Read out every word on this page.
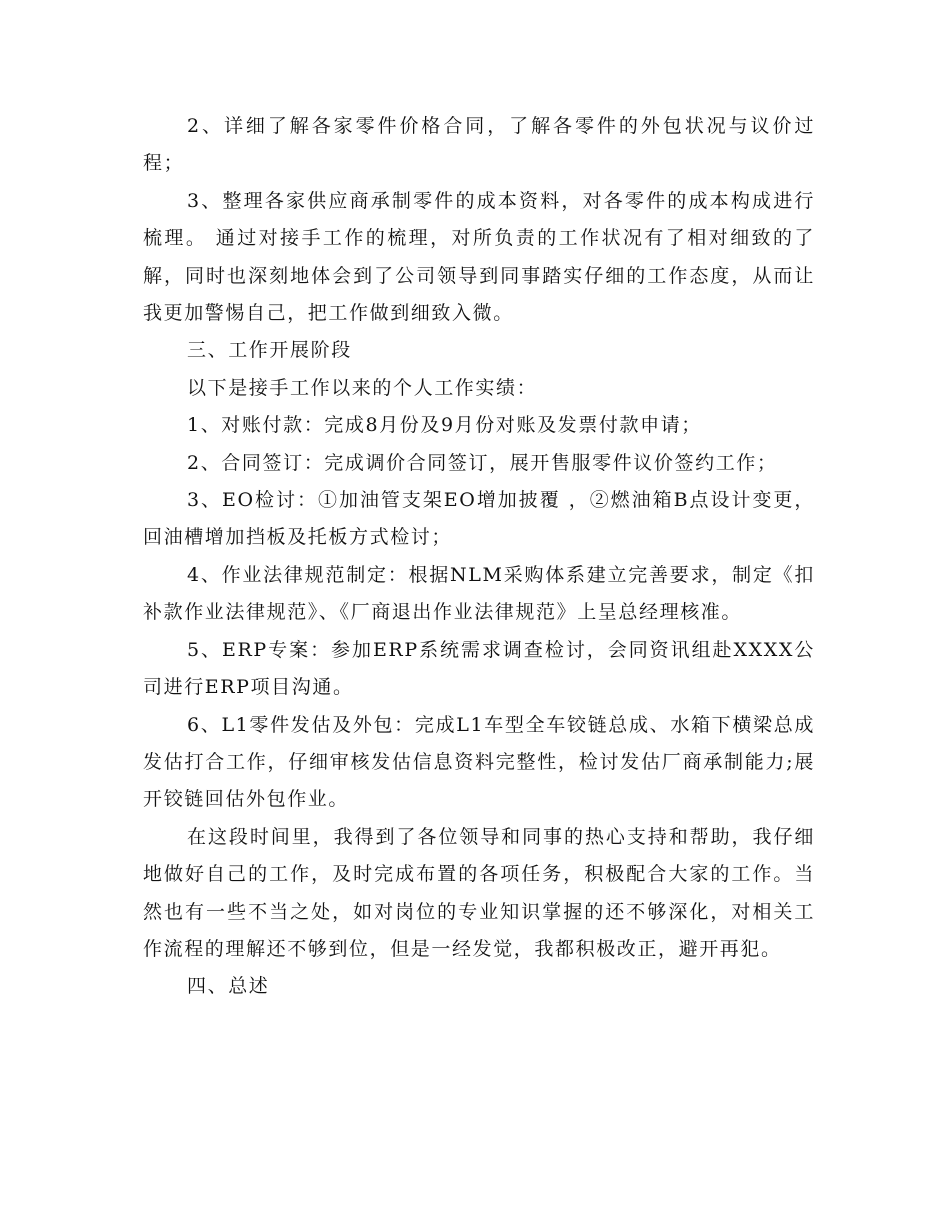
2、详细了解各家零件价格合同，了解各零件的外包状况与议价过程；

3、整理各家供应商承制零件的成本资料，对各零件的成本构成进行梳理。 通过对接手工作的梳理，对所负责的工作状况有了相对细致的了解，同时也深刻地体会到了公司领导到同事踏实仔细的工作态度，从而让我更加警惕自己，把工作做到细致入微。

三、工作开展阶段

以下是接手工作以来的个人工作实绩：

1、对账付款：完成8月份及9月份对账及发票付款申请；

2、合同签订：完成调价合同签订，展开售服零件议价签约工作；

3、EO检讨：①加油管支架EO增加披覆 ，②燃油箱B点设计变更，回油槽增加挡板及托板方式检讨；

4、作业法律规范制定：根据NLM采购体系建立完善要求，制定《扣补款作业法律规范》、《厂商退出作业法律规范》上呈总经理核准。

5、ERP专案：参加ERP系统需求调查检讨，会同资讯组赴XXXX公司进行ERP项目沟通。

6、L1零件发估及外包：完成L1车型全车铰链总成、水箱下横梁总成发估打合工作，仔细审核发估信息资料完整性，检讨发估厂商承制能力;展开铰链回估外包作业。

在这段时间里，我得到了各位领导和同事的热心支持和帮助，我仔细地做好自己的工作，及时完成布置的各项任务，积极配合大家的工作。当然也有一些不当之处，如对岗位的专业知识掌握的还不够深化，对相关工作流程的理解还不够到位，但是一经发觉，我都积极改正，避开再犯。

四、总述
